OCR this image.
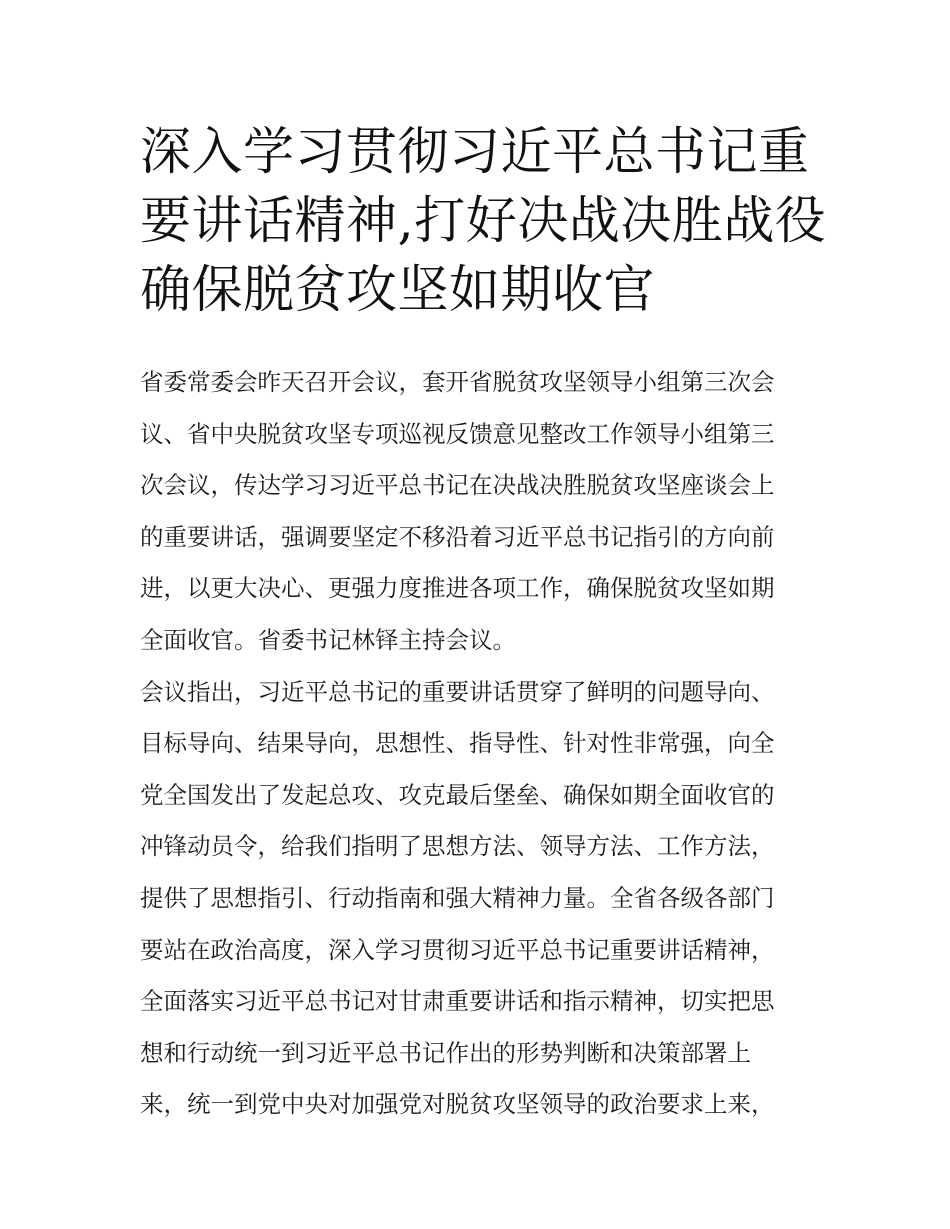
深入学习贯彻习近平总书记重
要讲话精神,打好决战决胜战役
确保脱贫攻坚如期收官
省委常委会昨天召开会议，套开省脱贫攻坚领导小组第三次会
议、省中央脱贫攻坚专项巡视反馈意见整改工作领导小组第三
次会议，传达学习习近平总书记在决战决胜脱贫攻坚座谈会上
的重要讲话，强调要坚定不移沿着习近平总书记指引的方向前
进，以更大决心、更强力度推进各项工作，确保脱贫攻坚如期
全面收官。省委书记林铎主持会议。
会议指出，习近平总书记的重要讲话贯穿了鲜明的问题导向、
目标导向、结果导向，思想性、指导性、针对性非常强，向全
党全国发出了发起总攻、攻克最后堡垒、确保如期全面收官的
冲锋动员令，给我们指明了思想方法、领导方法、工作方法，
提供了思想指引、行动指南和强大精神力量。全省各级各部门
要站在政治高度，深入学习贯彻习近平总书记重要讲话精神，
全面落实习近平总书记对甘肃重要讲话和指示精神，切实把思
想和行动统一到习近平总书记作出的形势判断和决策部署上
来，统一到党中央对加强党对脱贫攻坚领导的政治要求上来，
